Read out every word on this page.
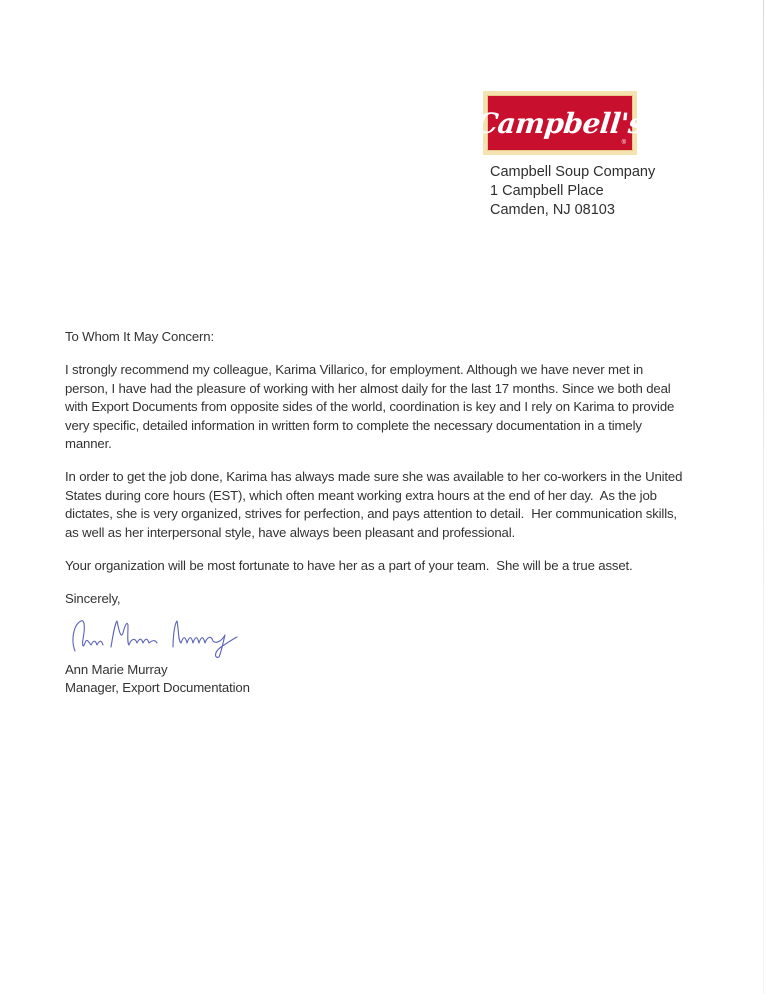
Campbell's
®
Campbell Soup Company
1 Campbell Place
Camden, NJ 08103

To Whom It May Concern:

I strongly recommend my colleague, Karima Villarico, for employment. Although we have never met in person, I have had the pleasure of working with her almost daily for the last 17 months. Since we both deal with Export Documents from opposite sides of the world, coordination is key and I rely on Karima to provide very specific, detailed information in written form to complete the necessary documentation in a timely manner.

In order to get the job done, Karima has always made sure she was available to her co-workers in the United States during core hours (EST), which often meant working extra hours at the end of her day.  As the job dictates, she is very organized, strives for perfection, and pays attention to detail.  Her communication skills, as well as her interpersonal style, have always been pleasant and professional.

Your organization will be most fortunate to have her as a part of your team.  She will be a true asset.

Sincerely,

Ann Marie Murray

Manager, Export Documentation
